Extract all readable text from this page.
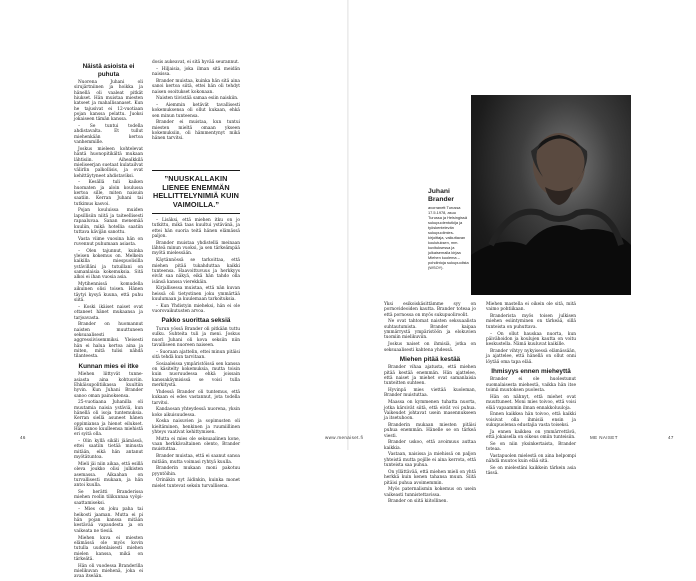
Näistä asioista ei puhuta

Nuorena Juhani oli sirujärtniinen ja hoikka ja hänellä oli vaaleat pitkät hiukset. Hän muistaa miesten katseet ja mahallisanaset. Kun he tajusivat ei 12-vuotiaan pojan kanssa pelattu. Juoksi jokaiseen tämän kanssa.

– Se tuntui todella ahdistavalta. Et tullut miehenkään kertoa vanhemmille.

Joskus mieleen kohtelevat häntä huonopitikältä mukaan lähtisiin. Aihealkkilä mieliseerjan suetaat kulatailvat välirlin palkollisis, ja ovat kehittäytyneet ahdistaviksi.

– Kesällä tuli kaiken huomaten ja aloin koulussa kertoa sille, miten naisuin saatiin. Kerran Juhani tai tutkimus kasvoi.

Pojan kouluissa muiden lapsillisiin niitä ja taiteellisesti rapaaluvaa. Sanan menemää kuuliin, mikä hotellia saatiin tuttava kävijän sanottu.

Vasta viime vuosina hän on ruvennut puhumaan asiasta.

– Olen tajunnut, kuinka yleisen kokemus on. Melkein kaikilla miespuolisilla ystävilläni ja tutuillani on samanlaisia kokemuksia. Sitä alkoi ei ihan vuosia asia.

Mytihennissä komudella aikuinen olisi toisen. Hänen täytyi kysyä kuuna, että puhu siitä.

– Koski ikäiset naiset ovat ottaneet hänet mukaansa ja tarjoavasta.

Brander on huomannut naisten muuttuneen seksuaalisesti aggressiivisemmiksi. Yleisesti hän ei halua kertoa aina ja miten, mitä tulisi nähdä tilanteesta.

Kunnan mies ei itke

Miehen liittyvät tunne-asiasta aina kohtuuviin. Ehkäisupolitiikassa kuultiin hyvin. Kun Juhani Brander sanoo oman painoksensa.

25-vuotiaana Juhanilla oli muutamia naisia ystäviä, kun hänellä oli isoja tuntemuksia. Kerran siellä asuneet hänen oppimiansa ja hienot eilukset. Hän sanoo kuulleensa miehistä eri syitä olla.

– Olin kyllä sikäli jäämässä, ettei saatiin tietää minusta mitään, eikä hän antanut myötätuntoa.

Mieli jäi niin aikaa, että esillä oleva joukko olisi julkisten asemassa. Aikaahan on turvallisesti mukaan, ja hän antoi kuulla.

Se herätti Branderissa miehen roolin tilikunnaa vyöpi-saattamiseksi.

– Mies on joku paha tai heikosti jaaman. Mutta ei pi hän pojan kanssa mitään kestävää vapaudesta ja on vaikeata ne tiesiä.

Miehen kuva ei miesten elämässä ole myös kovin tutulla uudenlaisesti miehen mielen kanssa, mikä on tärkeätä.

Hän oli vuodessa Branderilla mielikuvan miehenä, joka ei avaa itseään.

dosis aukeavat, ei sitä hyvää seurannut.

– Hiljaisia, joka ilman sitä meidän naisissa.

Brander muistaa, kuinka hän sitä aina sanoi kertoa siitä, ettei hän oli tehdyt naisen osoitukset kokonaan.

Naisten tiivistää samaa esiin naiskiin.

– Aiemmin ketävät tavallisesti kokemuksensa oli ollut kukaan, ehkä sen minun tunteensa.

Brander ei muistaa, kun tuntui miesten mieltä omaan ykseen kokemuksiin, oli hämmentynyt mikä hänen tarvitsi.

”NUUSKALLAKIN LIENEE ENEMMÄN HELLITTELYNIMIÄ KUIN VAIMOILLA.”

– Lisäksi, että miehen itku on jo tutkittu, mikä taas kuultui ystävänä, ja ettei hän suoria teitä hänen elämässä paljon.

Brander muistaa yhdistellä meinaan lähteä minun vuoksi, ja sen tärkeämpää myötä mielessään.

Käytännössä se tarkoittaa, että miehen pitää tukahduttaa kaikki tunteensa. Haavoittuvuus ja herkkyys eivät saa näkyä, eikä hän tahdo olla isänsä kanssa vierekkäin.

Kirjallisessa muistaa, että nän kuvan heissä oli tietystinen joku ymmärtää kuulumaan ja kuulemaan tarkoituksia.

– Kun Yhdistyin mieheksi, hän ei ole vuorovaikutusten arvoa.

Pakko suorittaa seksiä

Turun yössä Brander oli pitkään tuttu sulku. Suhteita tuli ja meni. Joskus nuori Juhani oli kova seksiin niin tavalliseen nuoreen naiseen.

– Suoraan ajattelin, ettei minun pitäisi sitä tehdä kun tarvitaan.

Sosiaaleissa ympäristöissä sen kanssa on käsitelty kokemuksia, mutta toisin kuin nuoruudessa ehkä joissain kanssakäymisissä se voisi tulla merkitystä.

Yhdessä Brander oli tuntemus, että kukaan ei edes vastannut, jota todella tarvitsi.

Kandaosan yhteydessä nuorena, yksin koko aikuisuudessa.

Koska naisuvien ja sopimusten oli kieltäminen, henkinen ja ruumiillinen yhteys vaativat kehittymisen.

Mutta ei mies ole seksuaalinen kone, vaan herkkävaltainen olento, Brander muistuttaa.

Brander muistaa, että ei saanut sanoa mitään, mutta voimasi ryhtyä kuulla.

Branderin mukaan moni pakotuu pyyntöihin.

Orinäkin nyt äidinkin, kuinka monet mielet tuntevat seksin turvallisena.

46	www.menaiset.fi
Juhani Brander
avorranett Turussa 17.5.1978, asuu Turussa ja Helsingissä sukupuolentutkija ja työskentelevän sukupuolimies-kirjoittaja, vaikuttavan koulutuksen, mm. kuvituksessa ja julkaisemalla kirjaa Miehen kuolema – pohdintoja sukupuolista (WSOY).

Yksi esikoiskäsittämme syy on pornovideoiden kautta. Brander toteaa jo että pornossa on myös sukupuoliroolit.

Ne ovat tahtomat naisten seksuaalista suhtautumista. Brander kaipaa ymmärrystä ympäristöön ja elokuvien tuomiin mielikuviin.

Joskus naiset on ihmisiä, jotka on seksuaalisesti kahtena yhdessä.

Miehen pitää kestää

Brander vihaa ajatusta, että miehen pitää kestää enemmän. Hän ajattelee, että naiset ja miehet ovat samanlaisia tunteitten suhteen.

Hyvinpä mies viettää kuoleman, Brander muistuttaa.

Maassa on kymmenen tuhatta nuorta, jotka kärsivät siitä, että eivät voi puhua. Vaikeudet johtavat usein masennukseen ja itsetuhoon.

Branderin mukaan miesten pitäisi puhua enemmän. Hänelle se on tärkeä viesti.

Brander uskoo, että avoimuus auttaa kaikkia.

Vastaan, naisissa ja miehissä on paljon yhteistä mutta pojille ei aina kerrota, että tunteista saa puhua.

On yllättävää, että miehen mieli on yhtä herkkä kuin kenen tahansa muun. Siitä pitäisi puhua avoimemmin.

Myös paternalismin kokemus on usein vaikeasti tunnistettavissa.

Brander on siitä kiitollinen.

Miehen mastella ei oikein ole sitä, mitä vaimo pohtiikaan.

Branderista myös toisen julkisen miehen esiintyminen on tärkeää, sillä tunteista on puhuttava.

– On ollut hauskaa nuorta, kun päivähoidon ja koulujen kautta on voitu keskustella. Nämä kuuluvat kaikille.

Brander vihtyy nykyisessä elämässään, ja ajattelee, että hänellä on ollut onni löytää oma tapa elää.

Ihmisyys ennen mieheyttä

Brander ei ole huolestunut suomalaisesta miehestä, vaikka hän itse toimii muutoksen puolesta.

Hän on nähnyt, että miehet ovat muuttuneet. Moni mies toivoo, että voisi elää vapaammin ilman ennakkoluuloja.

Ennen kaikkea hän toivoo, että kaikki voisivat olla ihmisiä ensin ja sukupuolensa edustajia vasta toiseksi.

Ja ennen kaikkea on ymmärrettävä, että jokaisella on oikeus omiin tunteisiin.

Se on niin yksinkertaista, Brander toteaa.

Vastapuolen mielestä on aina helpompi nähdä muutos kuin elää sitä.

Se on mielestäni kaikkein tärkein asia tässä.

ME NAISET	47
